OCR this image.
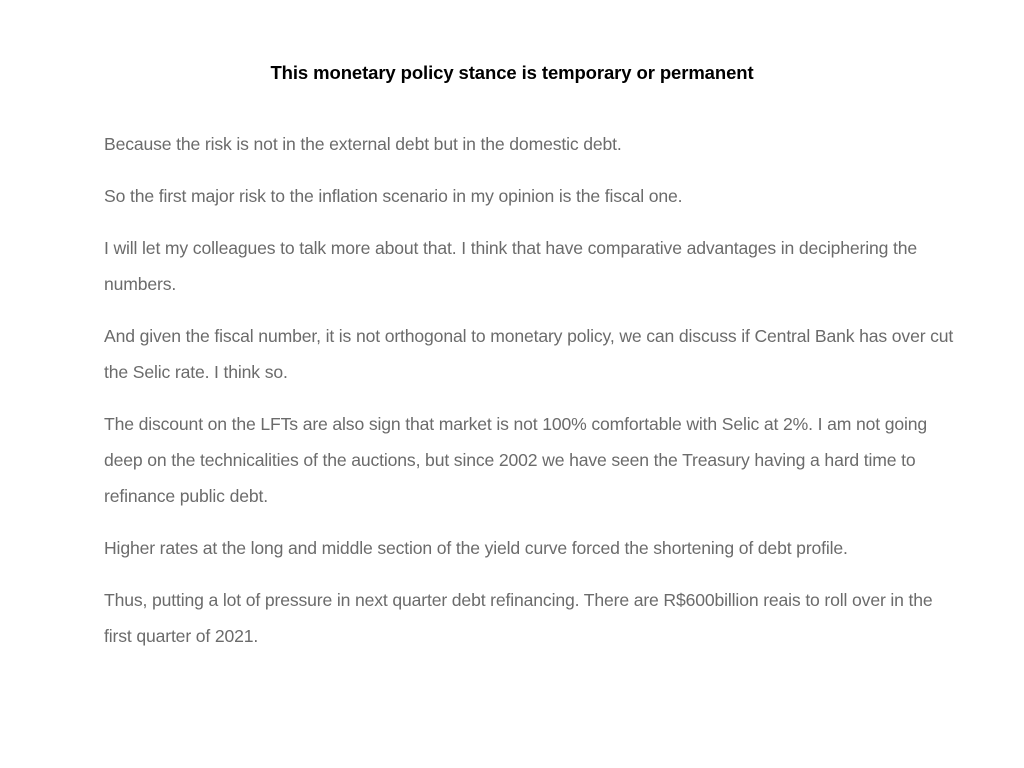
This monetary policy stance is temporary or permanent

Because the risk is not in the external debt but in the domestic debt.

So the first major risk to the inflation scenario in my opinion is the fiscal one.

I will let my colleagues to talk more about that. I think that have comparative advantages in deciphering the numbers.

And given the fiscal number, it is not orthogonal to monetary policy, we can discuss if Central Bank has over cut the Selic rate. I think so.

The discount on the LFTs are also sign that market is not 100% comfortable with Selic at 2%. I am not going deep on the technicalities of the auctions, but since 2002 we have seen the Treasury having a hard time to refinance public debt.

Higher rates at the long and middle section of the yield curve forced the shortening of debt profile.

Thus, putting a lot of pressure in next quarter debt refinancing. There are R$600billion reais to roll over in the first quarter of 2021.
